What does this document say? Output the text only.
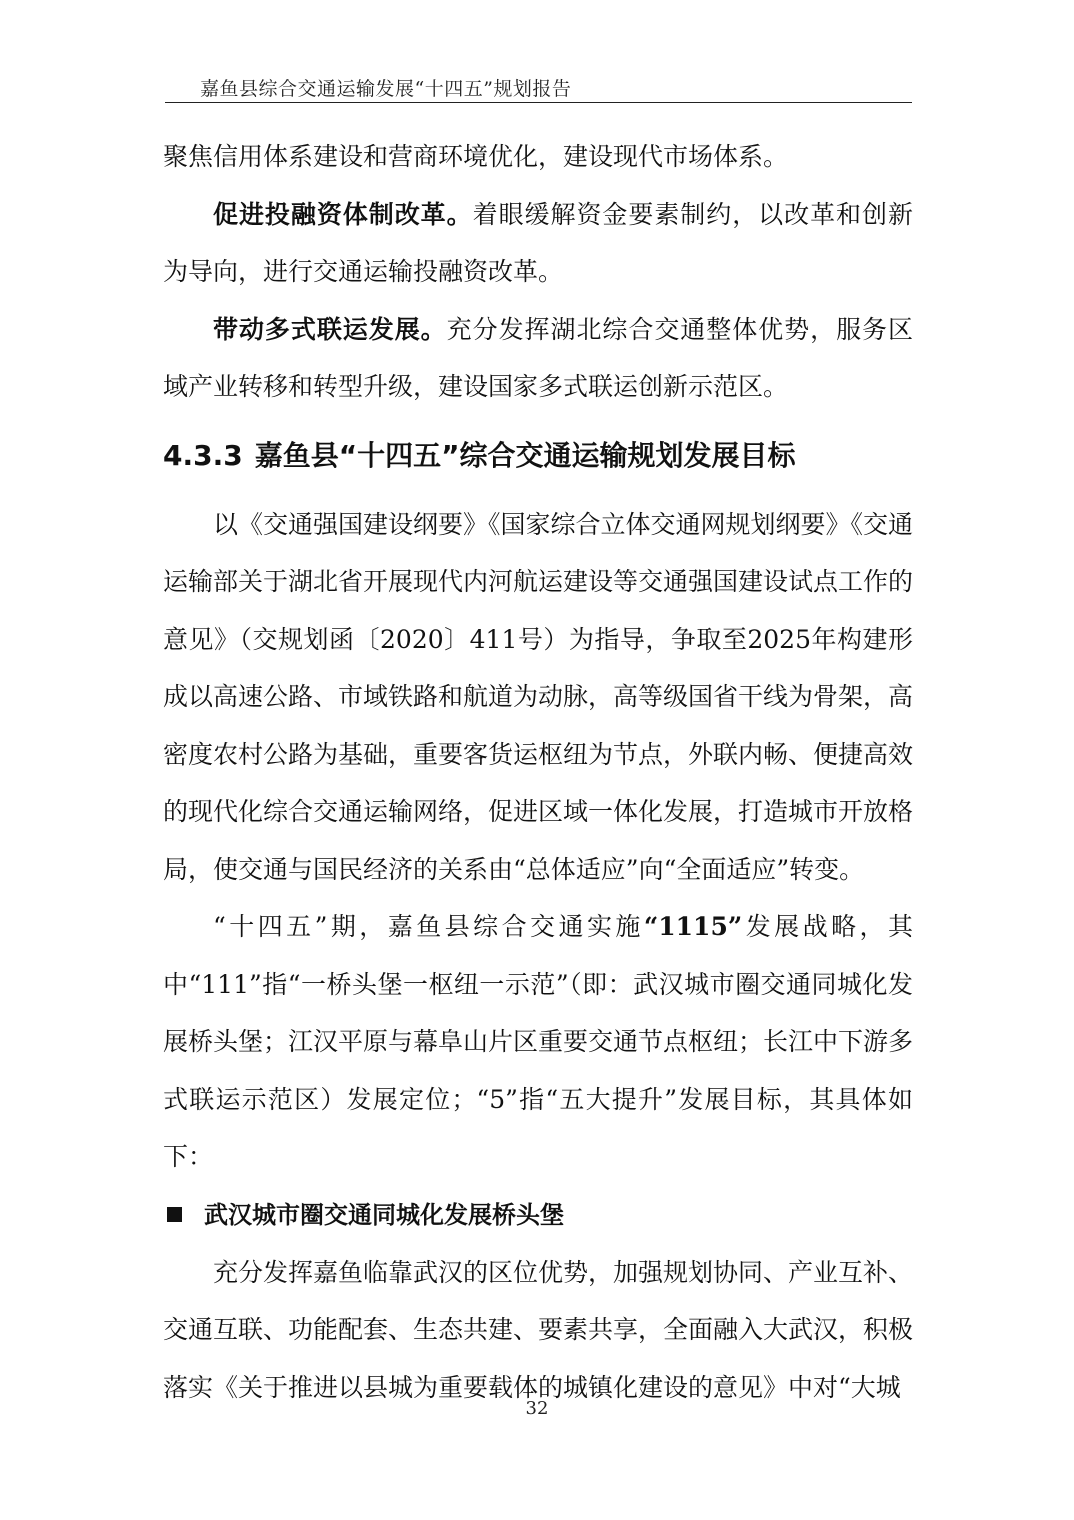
嘉鱼县综合交通运输发展“十四五”规划报告

聚焦信用体系建设和营商环境优化，建设现代市场体系。

促进投融资体制改革。着眼缓解资金要素制约，以改革和创新为导向，进行交通运输投融资改革。

带动多式联运发展。充分发挥湖北综合交通整体优势，服务区域产业转移和转型升级，建设国家多式联运创新示范区。

4.3.3 嘉鱼县“十四五”综合交通运输规划发展目标

以《交通强国建设纲要》《国家综合立体交通网规划纲要》《交通运输部关于湖北省开展现代内河航运建设等交通强国建设试点工作的意见》（交规划函〔2020〕411号）为指导，争取至2025年构建形成以高速公路、市域铁路和航道为动脉，高等级国省干线为骨架，高密度农村公路为基础，重要客货运枢纽为节点，外联内畅、便捷高效的现代化综合交通运输网络，促进区域一体化发展，打造城市开放格局，使交通与国民经济的关系由“总体适应”向“全面适应”转变。

“十四五”期，嘉鱼县综合交通实施“1115”发展战略，其中“111”指“一桥头堡一枢纽一示范”（即：武汉城市圈交通同城化发展桥头堡；江汉平原与幕阜山片区重要交通节点枢纽；长江中下游多式联运示范区）发展定位；“5”指“五大提升”发展目标，其具体如下：

武汉城市圈交通同城化发展桥头堡

充分发挥嘉鱼临靠武汉的区位优势，加强规划协同、产业互补、交通互联、功能配套、生态共建、要素共享，全面融入大武汉，积极落实《关于推进以县城为重要载体的城镇化建设的意见》中对“大城

32
